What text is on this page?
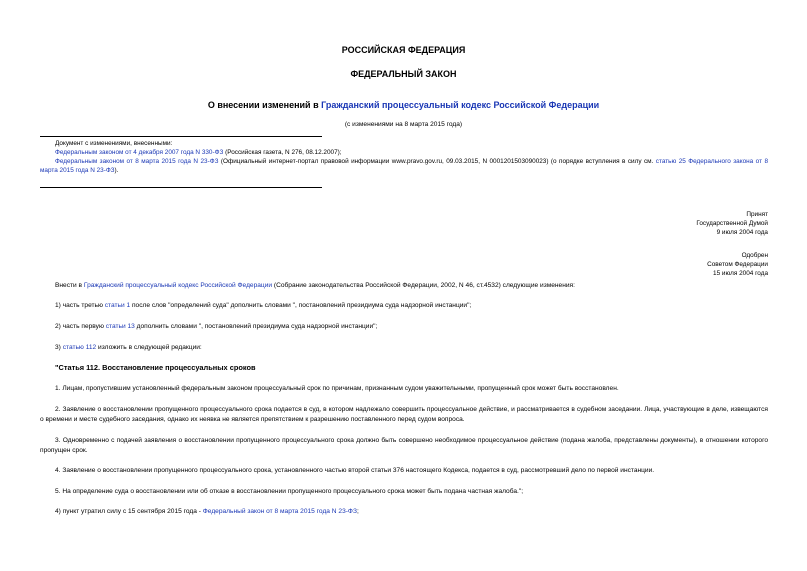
РОССИЙСКАЯ ФЕДЕРАЦИЯ
ФЕДЕРАЛЬНЫЙ ЗАКОН
О внесении изменений в Гражданский процессуальный кодекс Российской Федерации
(с изменениями на 8 марта 2015 года)
Документ с изменениями, внесенными:
Федеральным законом от 4 декабря 2007 года N 330-ФЗ (Российская газета, N 276, 08.12.2007);
Федеральным законом от 8 марта 2015 года N 23-ФЗ (Официальный интернет-портал правовой информации www.pravo.gov.ru, 09.03.2015, N 0001201503090023) (о порядке вступления в силу см. статью 25 Федерального закона от 8 марта 2015 года N 23-ФЗ).
Принят
Государственной Думой
9 июля 2004 года
Одобрен
Советом Федерации
15 июля 2004 года
Внести в Гражданский процессуальный кодекс Российской Федерации (Собрание законодательства Российской Федерации, 2002, N 46, ст.4532) следующие изменения:
1) часть третью статьи 1 после слов "определений суда" дополнить словами ", постановлений президиума суда надзорной инстанции";
2) часть первую статьи 13 дополнить словами ", постановлений президиума суда надзорной инстанции";
3) статью 112 изложить в следующей редакции:
"Статья 112. Восстановление процессуальных сроков
1. Лицам, пропустившим установленный федеральным законом процессуальный срок по причинам, признанным судом уважительными, пропущенный срок может быть восстановлен.
2. Заявление о восстановлении пропущенного процессуального срока подается в суд, в котором надлежало совершить процессуальное действие, и рассматривается в судебном заседании. Лица, участвующие в деле, извещаются о времени и месте судебного заседания, однако их неявка не является препятствием к разрешению поставленного перед судом вопроса.
3. Одновременно с подачей заявления о восстановлении пропущенного процессуального срока должно быть совершено необходимое процессуальное действие (подана жалоба, представлены документы), в отношении которого пропущен срок.
4. Заявление о восстановлении пропущенного процессуального срока, установленного частью второй статьи 376 настоящего Кодекса, подается в суд, рассмотревший дело по первой инстанции.
5. На определение суда о восстановлении или об отказе в восстановлении пропущенного процессуального срока может быть подана частная жалоба.";
4) пункт утратил силу с 15 сентября 2015 года - Федеральный закон от 8 марта 2015 года N 23-ФЗ;
